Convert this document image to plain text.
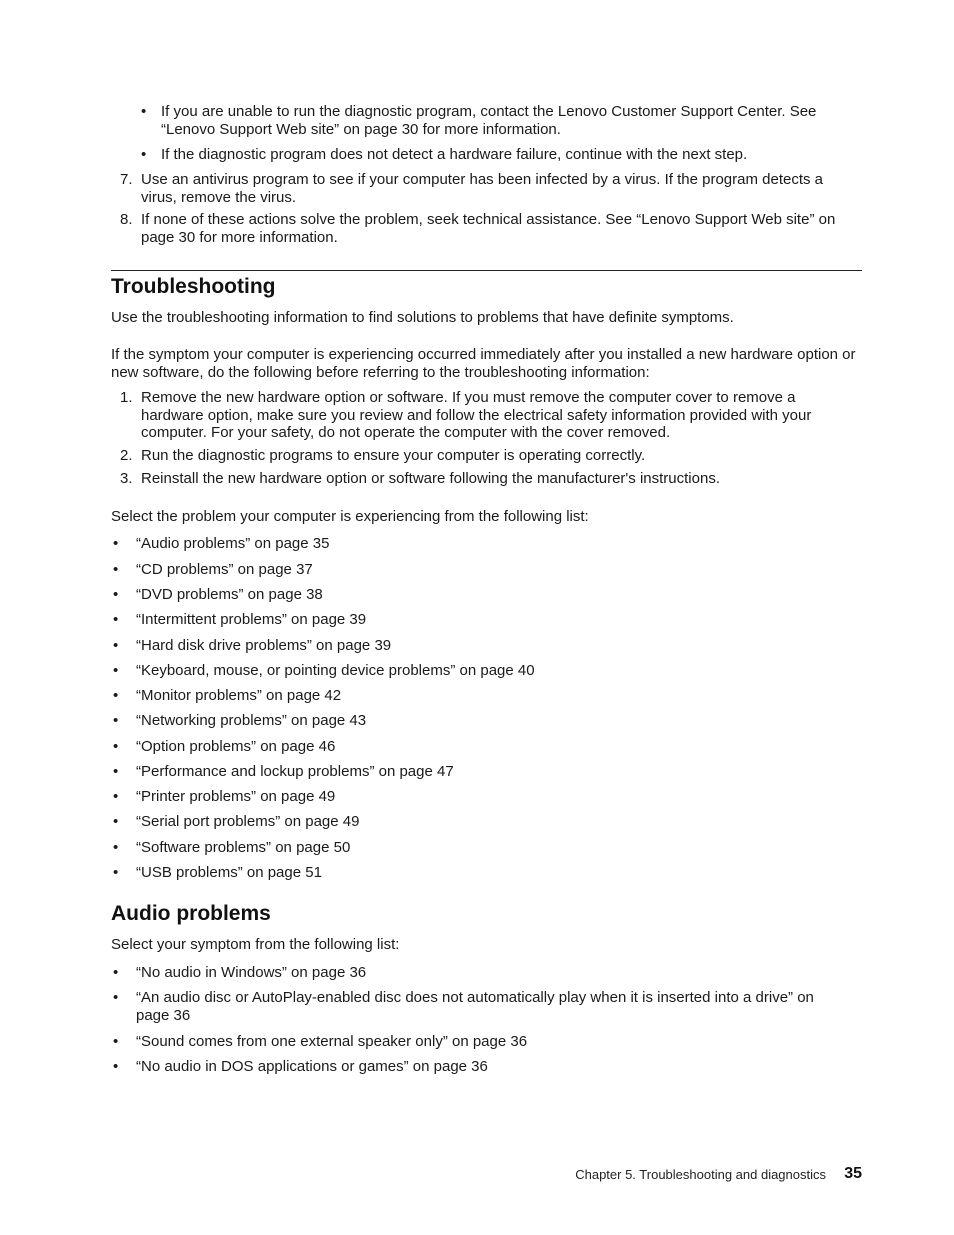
• If you are unable to run the diagnostic program, contact the Lenovo Customer Support Center. See “Lenovo Support Web site” on page 30 for more information.
• If the diagnostic program does not detect a hardware failure, continue with the next step.
7. Use an antivirus program to see if your computer has been infected by a virus. If the program detects a virus, remove the virus.
8. If none of these actions solve the problem, seek technical assistance. See “Lenovo Support Web site” on page 30 for more information.
Troubleshooting

Use the troubleshooting information to find solutions to problems that have definite symptoms.

If the symptom your computer is experiencing occurred immediately after you installed a new hardware option or new software, do the following before referring to the troubleshooting information:

1. Remove the new hardware option or software. If you must remove the computer cover to remove a hardware option, make sure you review and follow the electrical safety information provided with your computer. For your safety, do not operate the computer with the cover removed.
2. Run the diagnostic programs to ensure your computer is operating correctly.
3. Reinstall the new hardware option or software following the manufacturer's instructions.

Select the problem your computer is experiencing from the following list:

•	“Audio problems” on page 35
•	“CD problems” on page 37
•	“DVD problems” on page 38
•	“Intermittent problems” on page 39
•	“Hard disk drive problems” on page 39
•	“Keyboard, mouse, or pointing device problems” on page 40
•	“Monitor problems” on page 42
•	“Networking problems” on page 43
•	“Option problems” on page 46
•	“Performance and lockup problems” on page 47
•	“Printer problems” on page 49
•	“Serial port problems” on page 49
•	“Software problems” on page 50
•	“USB problems” on page 51
Audio problems

Select your symptom from the following list:

•	“No audio in Windows” on page 36
•	“An audio disc or AutoPlay-enabled disc does not automatically play when it is inserted into a drive” on page 36
•	“Sound comes from one external speaker only” on page 36
•	“No audio in DOS applications or games” on page 36
Chapter 5. Troubleshooting and diagnostics 35
